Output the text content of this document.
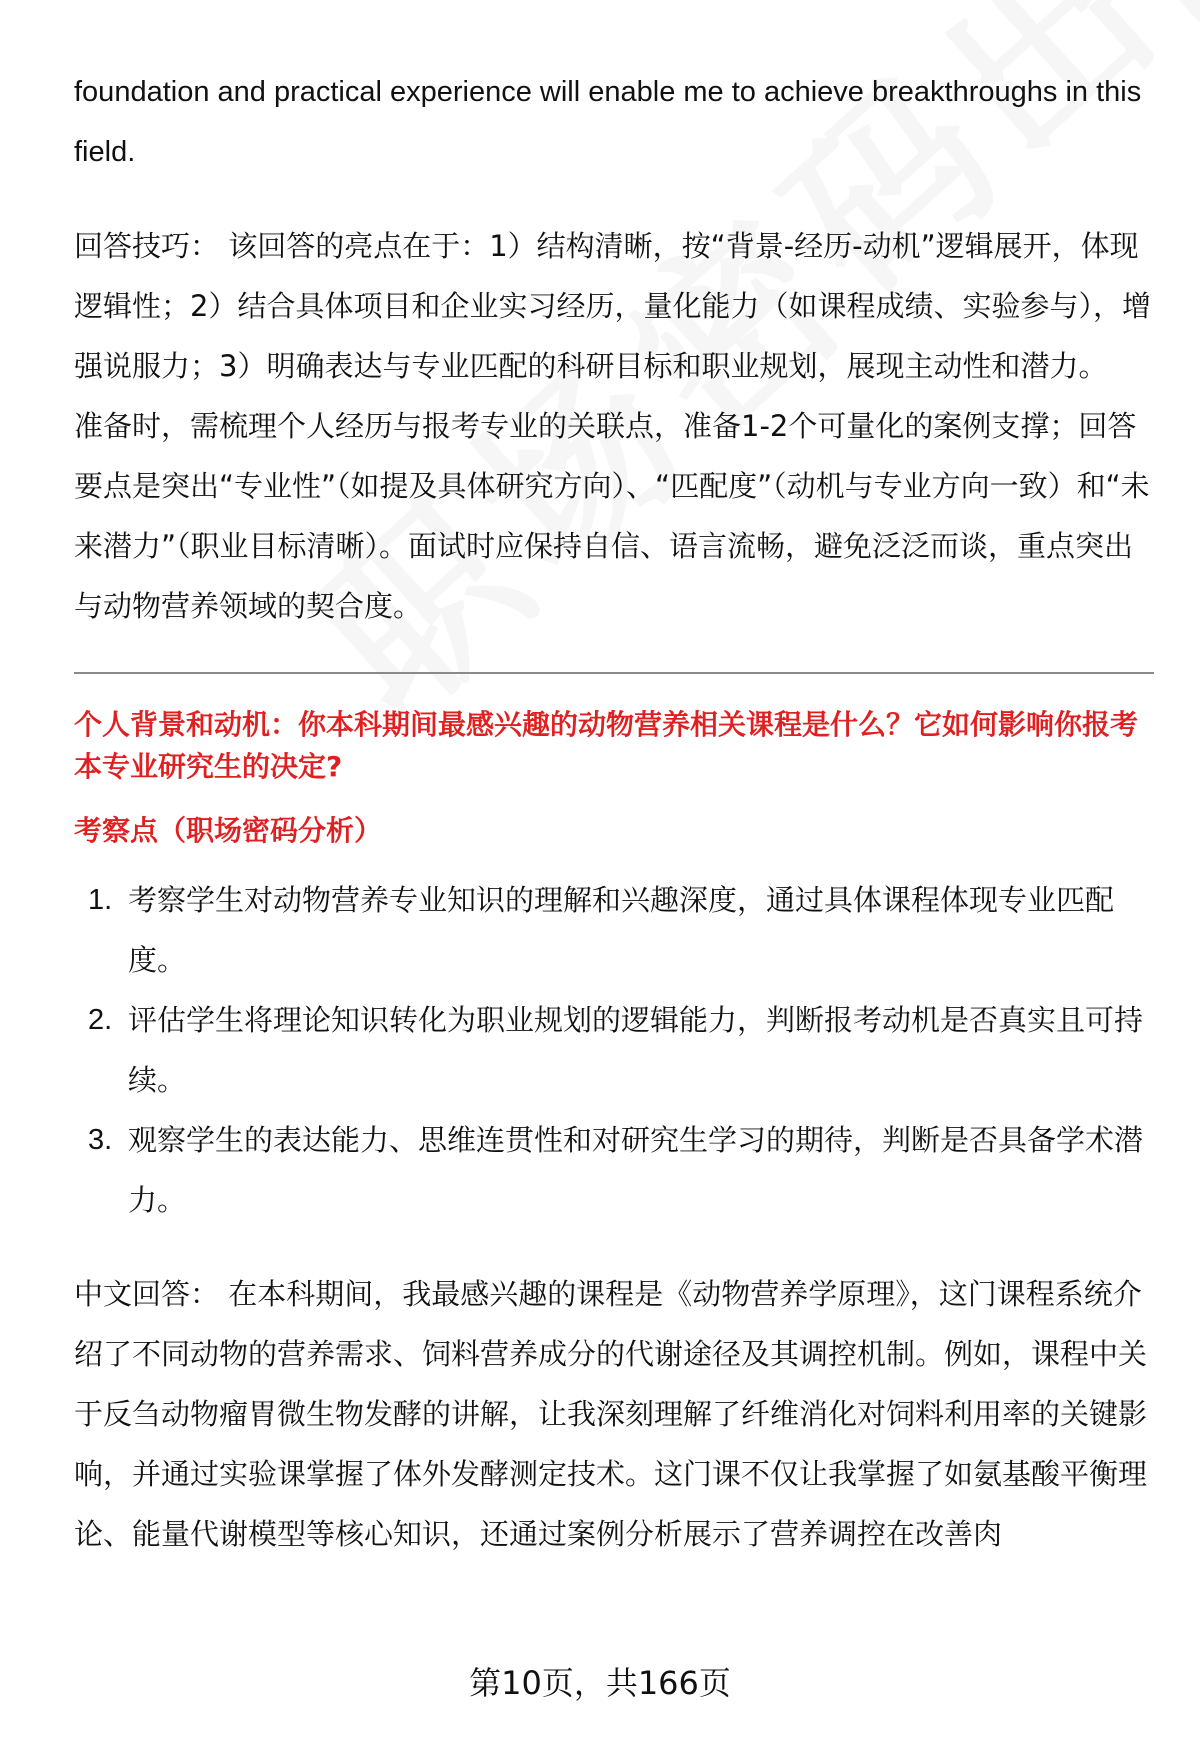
foundation and practical experience will enable me to achieve breakthroughs in this field.

回答技巧： 该回答的亮点在于：1）结构清晰，按“背景-经历-动机”逻辑展开，体现逻辑性；2）结合具体项目和企业实习经历，量化能力（如课程成绩、实验参与），增强说服力；3）明确表达与专业匹配的科研目标和职业规划，展现主动性和潜力。

准备时，需梳理个人经历与报考专业的关联点，准备1-2个可量化的案例支撑；回答要点是突出“专业性”（如提及具体研究方向）、“匹配度”（动机与专业方向一致）和“未来潜力”（职业目标清晰）。面试时应保持自信、语言流畅，避免泛泛而谈，重点突出与动物营养领域的契合度。

个人背景和动机：你本科期间最感兴趣的动物营养相关课程是什么？它如何影响你报考本专业研究生的决定?
考察点（职场密码分析）
1. 考察学生对动物营养专业知识的理解和兴趣深度，通过具体课程体现专业匹配度。
2. 评估学生将理论知识转化为职业规划的逻辑能力，判断报考动机是否真实且可持续。
3. 观察学生的表达能力、思维连贯性和对研究生学习的期待，判断是否具备学术潜力。

中文回答： 在本科期间，我最感兴趣的课程是《动物营养学原理》，这门课程系统介绍了不同动物的营养需求、饲料营养成分的代谢途径及其调控机制。例如，课程中关于反刍动物瘤胃微生物发酵的讲解，让我深刻理解了纤维消化对饲料利用率的关键影响，并通过实验课掌握了体外发酵测定技术。这门课不仅让我掌握了如氨基酸平衡理论、能量代谢模型等核心知识，还通过案例分析展示了营养调控在改善肉

第10页，共166页
